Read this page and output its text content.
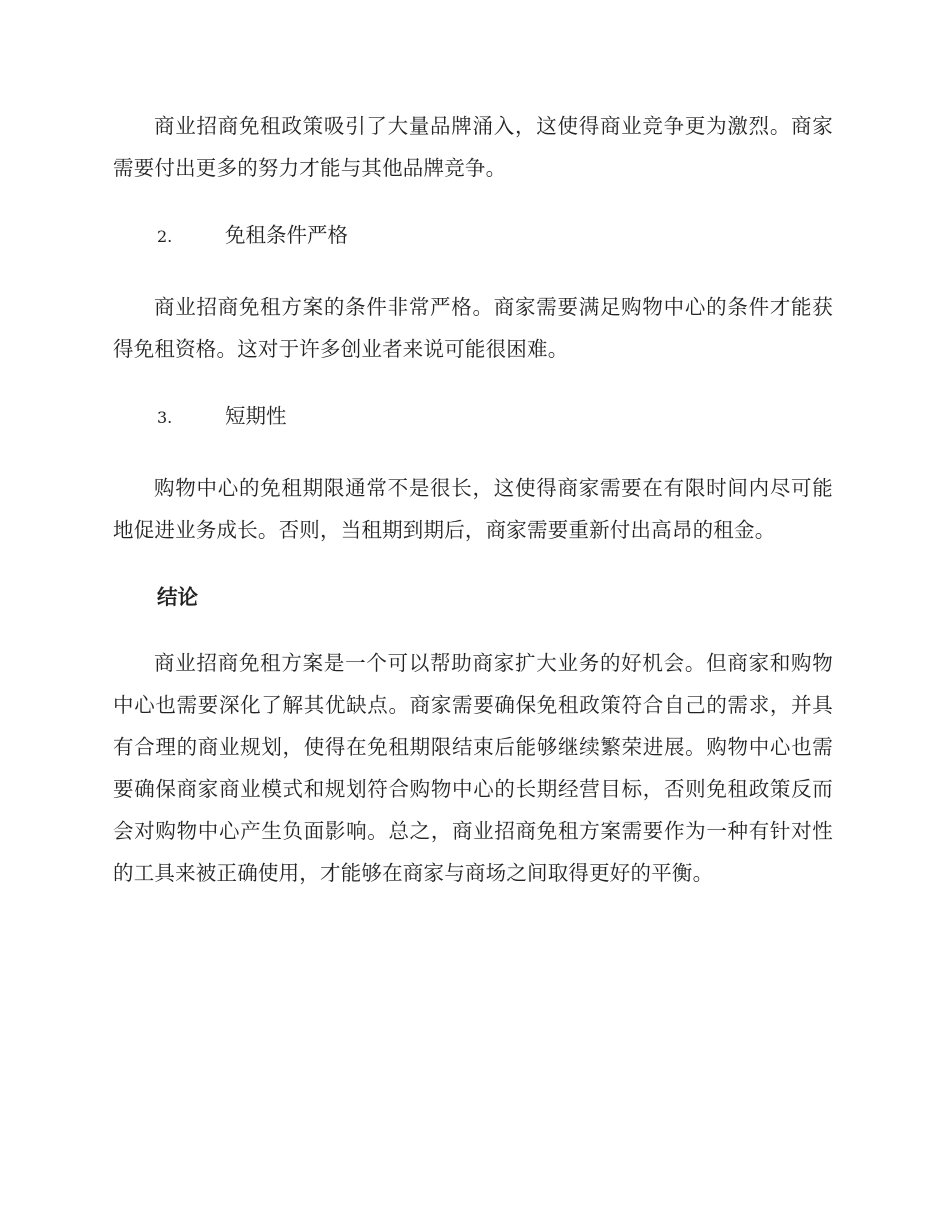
商业招商免租政策吸引了大量品牌涌入，这使得商业竞争更为激烈。商家需要付出更多的努力才能与其他品牌竞争。

2.	免租条件严格

商业招商免租方案的条件非常严格。商家需要满足购物中心的条件才能获得免租资格。这对于许多创业者来说可能很困难。

3.	短期性

购物中心的免租期限通常不是很长，这使得商家需要在有限时间内尽可能地促进业务成长。否则，当租期到期后，商家需要重新付出高昂的租金。

结论

商业招商免租方案是一个可以帮助商家扩大业务的好机会。但商家和购物中心也需要深化了解其优缺点。商家需要确保免租政策符合自己的需求，并具有合理的商业规划，使得在免租期限结束后能够继续繁荣进展。购物中心也需要确保商家商业模式和规划符合购物中心的长期经营目标，否则免租政策反而会对购物中心产生负面影响。总之，商业招商免租方案需要作为一种有针对性的工具来被正确使用，才能够在商家与商场之间取得更好的平衡。
